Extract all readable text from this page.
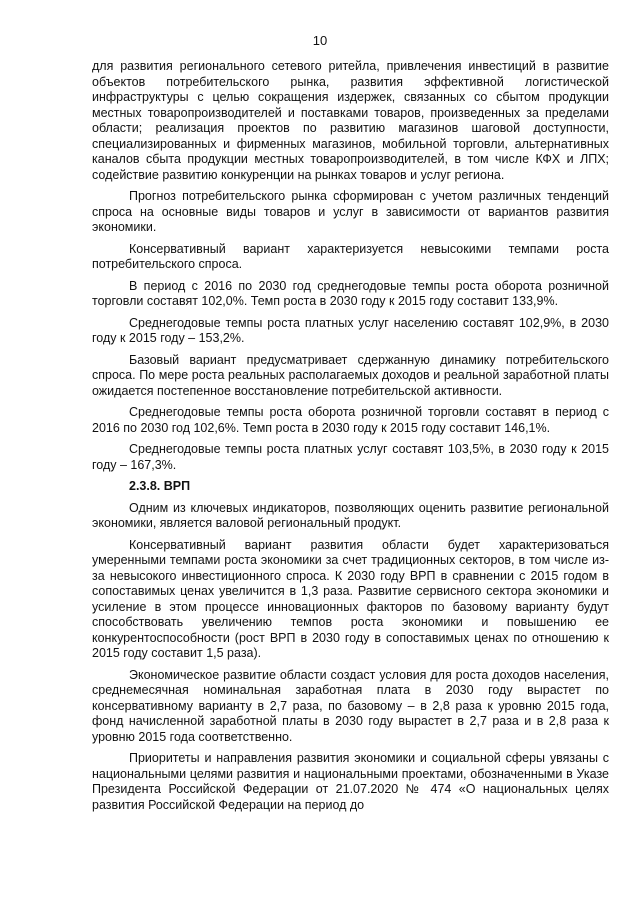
10

для развития регионального сетевого ритейла, привлечения инвестиций в развитие объектов потребительского рынка, развития эффективной логистической инфраструктуры с целью сокращения издержек, связанных со сбытом продукции местных товаропроизводителей и поставками товаров, произведенных за пределами области; реализация проектов по развитию магазинов шаговой доступности, специализированных и фирменных магазинов, мобильной торговли, альтернативных каналов сбыта продукции местных товаропроизводителей, в том числе КФХ и ЛПХ; содействие развитию конкуренции на рынках товаров и услуг региона.

Прогноз потребительского рынка сформирован с учетом различных тенденций спроса на основные виды товаров и услуг в зависимости от вариантов развития экономики.

Консервативный вариант характеризуется невысокими темпами роста потребительского спроса.

В период с 2016 по 2030 год среднегодовые темпы роста оборота розничной торговли составят 102,0%. Темп роста в 2030 году к 2015 году составит 133,9%.

Среднегодовые темпы роста платных услуг населению составят 102,9%, в 2030 году к 2015 году – 153,2%.

Базовый вариант предусматривает сдержанную динамику потребительского спроса. По мере роста реальных располагаемых доходов и реальной заработной платы ожидается постепенное восстановление потребительской активности.

Среднегодовые темпы роста оборота розничной торговли составят в период с 2016 по 2030 год 102,6%. Темп роста в 2030 году к 2015 году составит 146,1%.

Среднегодовые темпы роста платных услуг составят 103,5%, в 2030 году к 2015 году – 167,3%.

2.3.8. ВРП

Одним из ключевых индикаторов, позволяющих оценить развитие региональной экономики, является валовой региональный продукт.

Консервативный вариант развития области будет характеризоваться умеренными темпами роста экономики за счет традиционных секторов, в том числе из-за невысокого инвестиционного спроса. К 2030 году ВРП в сравнении с 2015 годом в сопоставимых ценах увеличится в 1,3 раза. Развитие сервисного сектора экономики и усиление в этом процессе инновационных факторов по базовому варианту будут способствовать увеличению темпов роста экономики и повышению ее конкурентоспособности (рост ВРП в 2030 году в сопоставимых ценах по отношению к 2015 году составит 1,5 раза).

Экономическое развитие области создаст условия для роста доходов населения, среднемесячная номинальная заработная плата в 2030 году вырастет по консервативному варианту в 2,7 раза, по базовому – в 2,8 раза к уровню 2015 года, фонд начисленной заработной платы в 2030 году вырастет в 2,7 раза и в 2,8 раза к уровню 2015 года соответственно.

Приоритеты и направления развития экономики и социальной сферы увязаны с национальными целями развития и национальными проектами, обозначенными в Указе Президента Российской Федерации от 21.07.2020 № 474 «О национальных целях развития Российской Федерации на период до
